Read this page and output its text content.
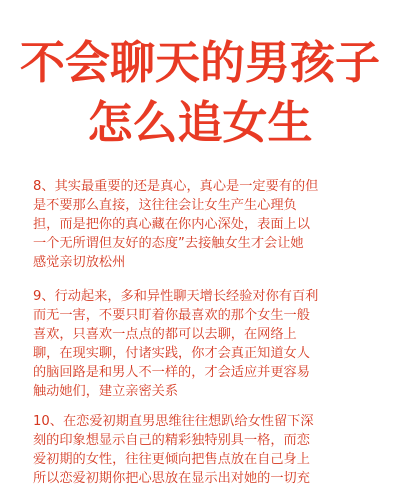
不会聊天的男孩子
怎么追女生
8、其实最重要的还是真心，真心是一定要有的但
是不要那么直接，这往往会让女生产生心理负
担，而是把你的真心藏在你内心深处，表面上以
一个无所谓但友好的态度”去接触女生才会让她
感觉亲切放松州
9、行动起来，多和异性聊天增长经验对你有百利
而无一害，不要只盯着你最喜欢的那个女生一般
喜欢，只喜欢一点点的都可以去聊，在网络上
聊，在现实聊，付诸实践，你才会真正知道女人
的脑回路是和男人不一样的，才会适应并更容易
触动她们，建立亲密关系
10、在恋爱初期直男思维往往想趴给女性留下深
刻的印象想显示自己的精彩独特别具一格，而恋
爱初期的女性，往往更倾向把售点放在自己身上
所以恋爱初期你把心思放在显示出对她的一切充
